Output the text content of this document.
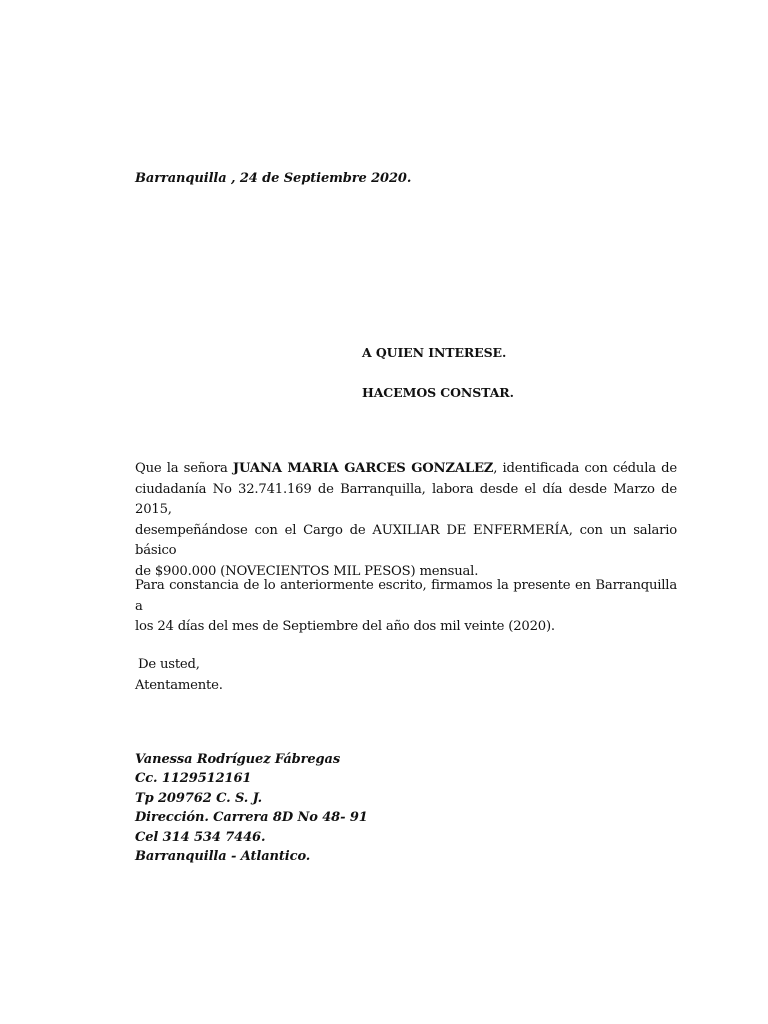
Barranquilla , 24 de Septiembre 2020.
A QUIEN INTERESE.
HACEMOS CONSTAR.
Que la señora JUANA MARIA GARCES GONZALEZ, identificada con cédula de
ciudadanía No 32.741.169 de Barranquilla, labora desde el día desde Marzo de 2015,
desempeñándose con el Cargo de AUXILIAR DE ENFERMERÍA, con un salario básico
de $900.000 (NOVECIENTOS MIL PESOS) mensual.
Para constancia de lo anteriormente escrito, firmamos la presente en Barranquilla a
los 24 días del mes de Septiembre del año dos mil veinte (2020).
De usted,
Atentamente.
Vanessa Rodríguez Fábregas
Cc. 1129512161
Tp 209762 C. S. J.
Dirección. Carrera 8D No 48- 91
Cel 314 534 7446.
Barranquilla - Atlantico.
